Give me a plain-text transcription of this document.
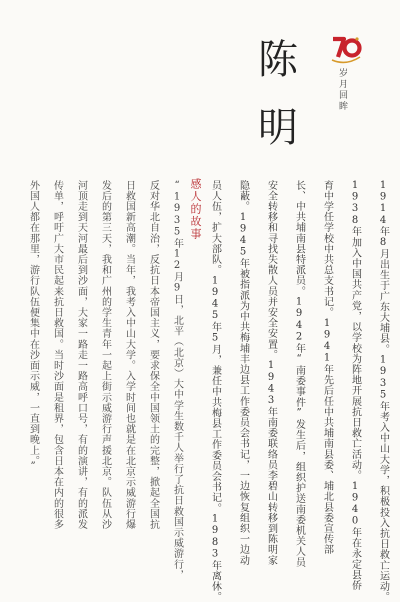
陈
明
岁月回眸
1914年8月出生于广东大埔县。1935年考入中山大学，积极投入抗日救亡运动。
1938年加入中国共产党，以学校为阵地开展抗日救亡活动。1940年在永定县侨
育中学任学校中共总支书记。1941年先后任中共埔南县委、埔北县委宣传部
长、中共埔南县特派员。1942年“南委事件”发生后，组织护送南委机关人员
安全转移和寻找失散人员并安全安置。1943年南委联络员李碧山转移到陈明家
隐蔽。1945年被指派为中共梅埔丰边县工作委员会书记，一边恢复组织一边动
员人伍，扩大部队。1945年5月，兼任中共梅县工作委员会书记。1983年离休。
感人的故事
“1935年12月9日，北平（北京）大中学生数千人举行了抗日救国示威游行，
反对华北自治，反抗日本帝国主义，要求保全中国领土的完整，掀起全国抗
日救国新高潮。当年，我考入中山大学。入学时间也就是在北京示威游行爆
发后的第三天，我和广州的学生青年一起上街示威游行声援北京。队伍从沙
河顶走到天河最后到沙面，大家一路走一路高呼口号，有的演讲，有的派发
传单，呼吁广大市民起来抗日救国。当时沙面是租界，包含日本在内的很多
外国人都在那里，游行队伍便集中在沙面示威，一直到晚上。”
